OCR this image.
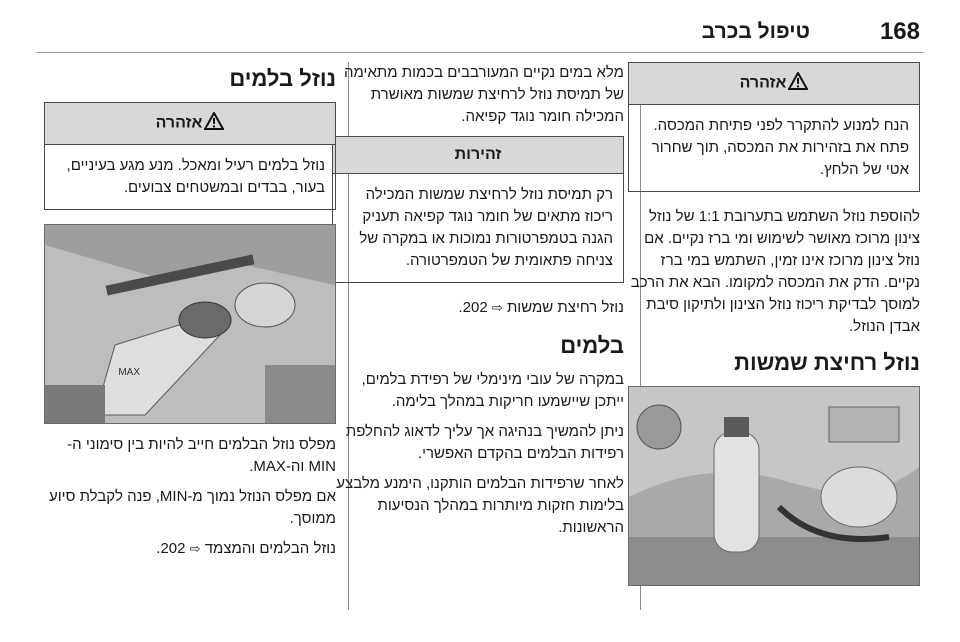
168
טיפול בכרב
אזהרה
הנח למנוע להתקרר לפני פתיחת המכסה. פתח את בזהירות את המכסה, תוך שחרור אטי של הלחץ.

להוספת נוזל השתמש בתערובת 1:1 של נוזל צינון מרוכז מאושר לשימוש ומי ברז נקיים. אם נוזל צינון מרוכז אינו זמין, השתמש במי ברז נקיים. הדק את המכסה למקומו. הבא את הרכב למוסך לבדיקת ריכוז נוזל הצינון ולתיקון סיבת אבדן הנוזל.

נוזל רחיצת שמשות

מלא במים נקיים המעורבבים בכמות מתאימה של תמיסת נוזל לרחיצת שמשות מאושרת המכילה חומר נוגד קפיאה.

זהירות
רק תמיסת נוזל לרחיצת שמשות המכילה ריכוז מתאים של חומר נוגד קפיאה תעניק הגנה בטמפרטורות נמוכות או במקרה של צניחה פתאומית של הטמפרטורה.

נוזל רחיצת שמשות ⇨ 202.

בלמים

במקרה של עובי מינימלי של רפידת בלמים, ייתכן שיישמעו חריקות במהלך בלימה.

ניתן להמשיך בנהיגה אך עליך לדאוג להחלפת רפידות הבלמים בהקדם האפשרי.

לאחר שרפידות הבלמים הותקנו, הימנע מלבצע בלימות חזקות מיותרות במהלך הנסיעות הראשונות.

נוזל בלמים
אזהרה
נוזל בלמים רעיל ומאכל. מנע מגע בעיניים, בעור, בבדים ובמשטחים צבועים.
MAX

מפלס נוזל הבלמים חייב להיות בין סימוני ה-MIN וה-MAX.

אם מפלס הנוזל נמוך מ-MIN, פנה לקבלת סיוע ממוסך.

נוזל הבלמים והמצמד ⇨ 202.
